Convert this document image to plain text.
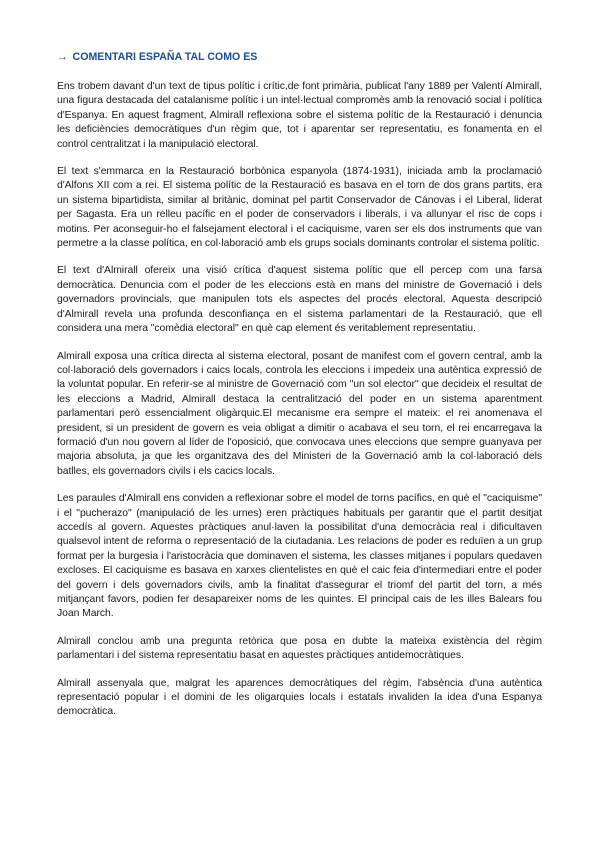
→ COMENTARI ESPAÑA TAL COMO ES

Ens trobem davant d'un text de tipus polític i crític,de font primària, publicat l'any 1889 per Valentí Almirall, una figura destacada del catalanisme polític i un intel·lectual compromès amb la renovació social i política d'Espanya. En aquest fragment, Almirall reflexiona sobre el sistema polític de la Restauració i denuncia les deficiències democràtiques d'un règim que, tot i aparentar ser representatiu, es fonamenta en el control centralitzat i la manipulació electoral.

El text s'emmarca en la Restauració borbònica espanyola (1874-1931), iniciada amb la proclamació d'Alfons XII com a rei. El sistema polític de la Restauració es basava en el torn de dos grans partits, era un sistema bipartidista, similar al britànic, dominat pel partit Conservador de Cánovas i el Liberal, liderat per Sagasta. Era un relleu pacífic en el poder de conservadors i liberals, i va allunyar el risc de cops i motins. Per aconseguir-ho el falsejament electoral i el caciquisme, varen ser els dos instruments que van permetre a la classe política, en col·laboració amb els grups socials dominants controlar el sistema polític.

El text d'Almirall ofereix una visió crítica d'aquest sistema polític que ell percep com una farsa democràtica. Denuncia com el poder de les eleccions està en mans del ministre de Governació i dels governadors provincials, que manipulen tots els aspectes del procés electoral. Aquesta descripció d'Almirall revela una profunda desconfiança en el sistema parlamentari de la Restauració, que ell considera una mera "comèdia electoral" en què cap element és veritablement representatiu.

Almirall exposa una crítica directa al sistema electoral, posant de manifest com el govern central, amb la col·laboració dels governadors i caics locals, controla les eleccions i impedeix una autèntica expressió de la voluntat popular. En referir-se al ministre de Governació com "un sol elector" que decideix el resultat de les eleccions a Madrid, Almirall destaca la centralització del poder en un sistema aparentment parlamentari però essencialment oligàrquic.El mecanisme era sempre el mateix: el rei anomenava el president, si un president de govern es veia obligat a dimitir o acabava el seu torn, el rei encarregava la formació d'un nou govern al líder de l'oposició, que convocava unes eleccions que sempre guanyava per majoria absoluta, ja que les organitzava des del Ministeri de la Governació amb la col·laboració dels batlles, els governadors civils i els cacics locals.

Les paraules d'Almirall ens conviden a reflexionar sobre el model de torns pacífics, en què el "caciquisme" i el "pucherazo" (manipulació de les urnes) eren pràctiques habituals per garantir que el partit desitjat accedís al govern. Aquestes pràctiques anul·laven la possibilitat d'una democràcia real i dificultaven qualsevol intent de reforma o representació de la ciutadania. Les relacions de poder es reduïen a un grup format per la burgesia i l'aristocràcia que dominaven el sistema, les classes mitjanes i populars quedaven excloses. El caciquisme es basava en xarxes clientelistes en què el caic feia d'intermediari entre el poder del govern i dels governadors civils, amb la finalitat d'assegurar el triomf del partit del torn, a més mitjançant favors, podien fer desapareixer noms de les quintes. El principal cais de les illes Balears fou Joan March.

Almirall conclou amb una pregunta retòrica que posa en dubte la mateixa existència del règim parlamentari i del sistema representatiu basat en aquestes pràctiques antidemocràtiques.

Almirall assenyala que, malgrat les aparences democràtiques del règim, l'absència d'una autèntica representació popular i el domini de les oligarquies locals i estatals invaliden la idea d'una Espanya democràtica.
